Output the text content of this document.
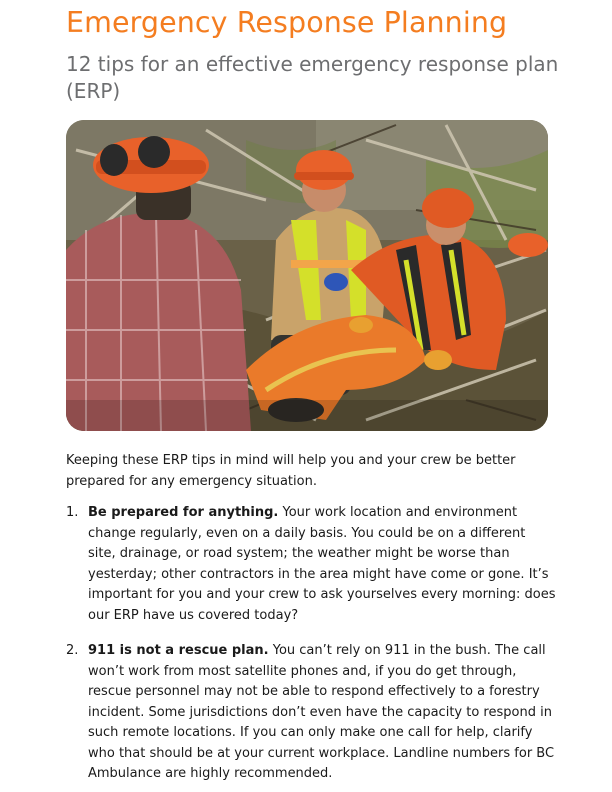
Emergency Response Planning
12 tips for an effective emergency response plan (ERP)

Keeping these ERP tips in mind will help you and your crew be better prepared for any emergency situation.

1. Be prepared for anything. Your work location and environment change regularly, even on a daily basis. You could be on a different site, drainage, or road system; the weather might be worse than yesterday; other contractors in the area might have come or gone. It’s important for you and your crew to ask yourselves every morning: does our ERP have us covered today?
2. 911 is not a rescue plan. You can’t rely on 911 in the bush. The call won’t work from most satellite phones and, if you do get through, rescue personnel may not be able to respond effectively to a forestry incident. Some jurisdictions don’t even have the capacity to respond in such remote locations. If you can only make one call for help, clarify who that should be at your current workplace. Landline numbers for BC Ambulance are highly recommended.
